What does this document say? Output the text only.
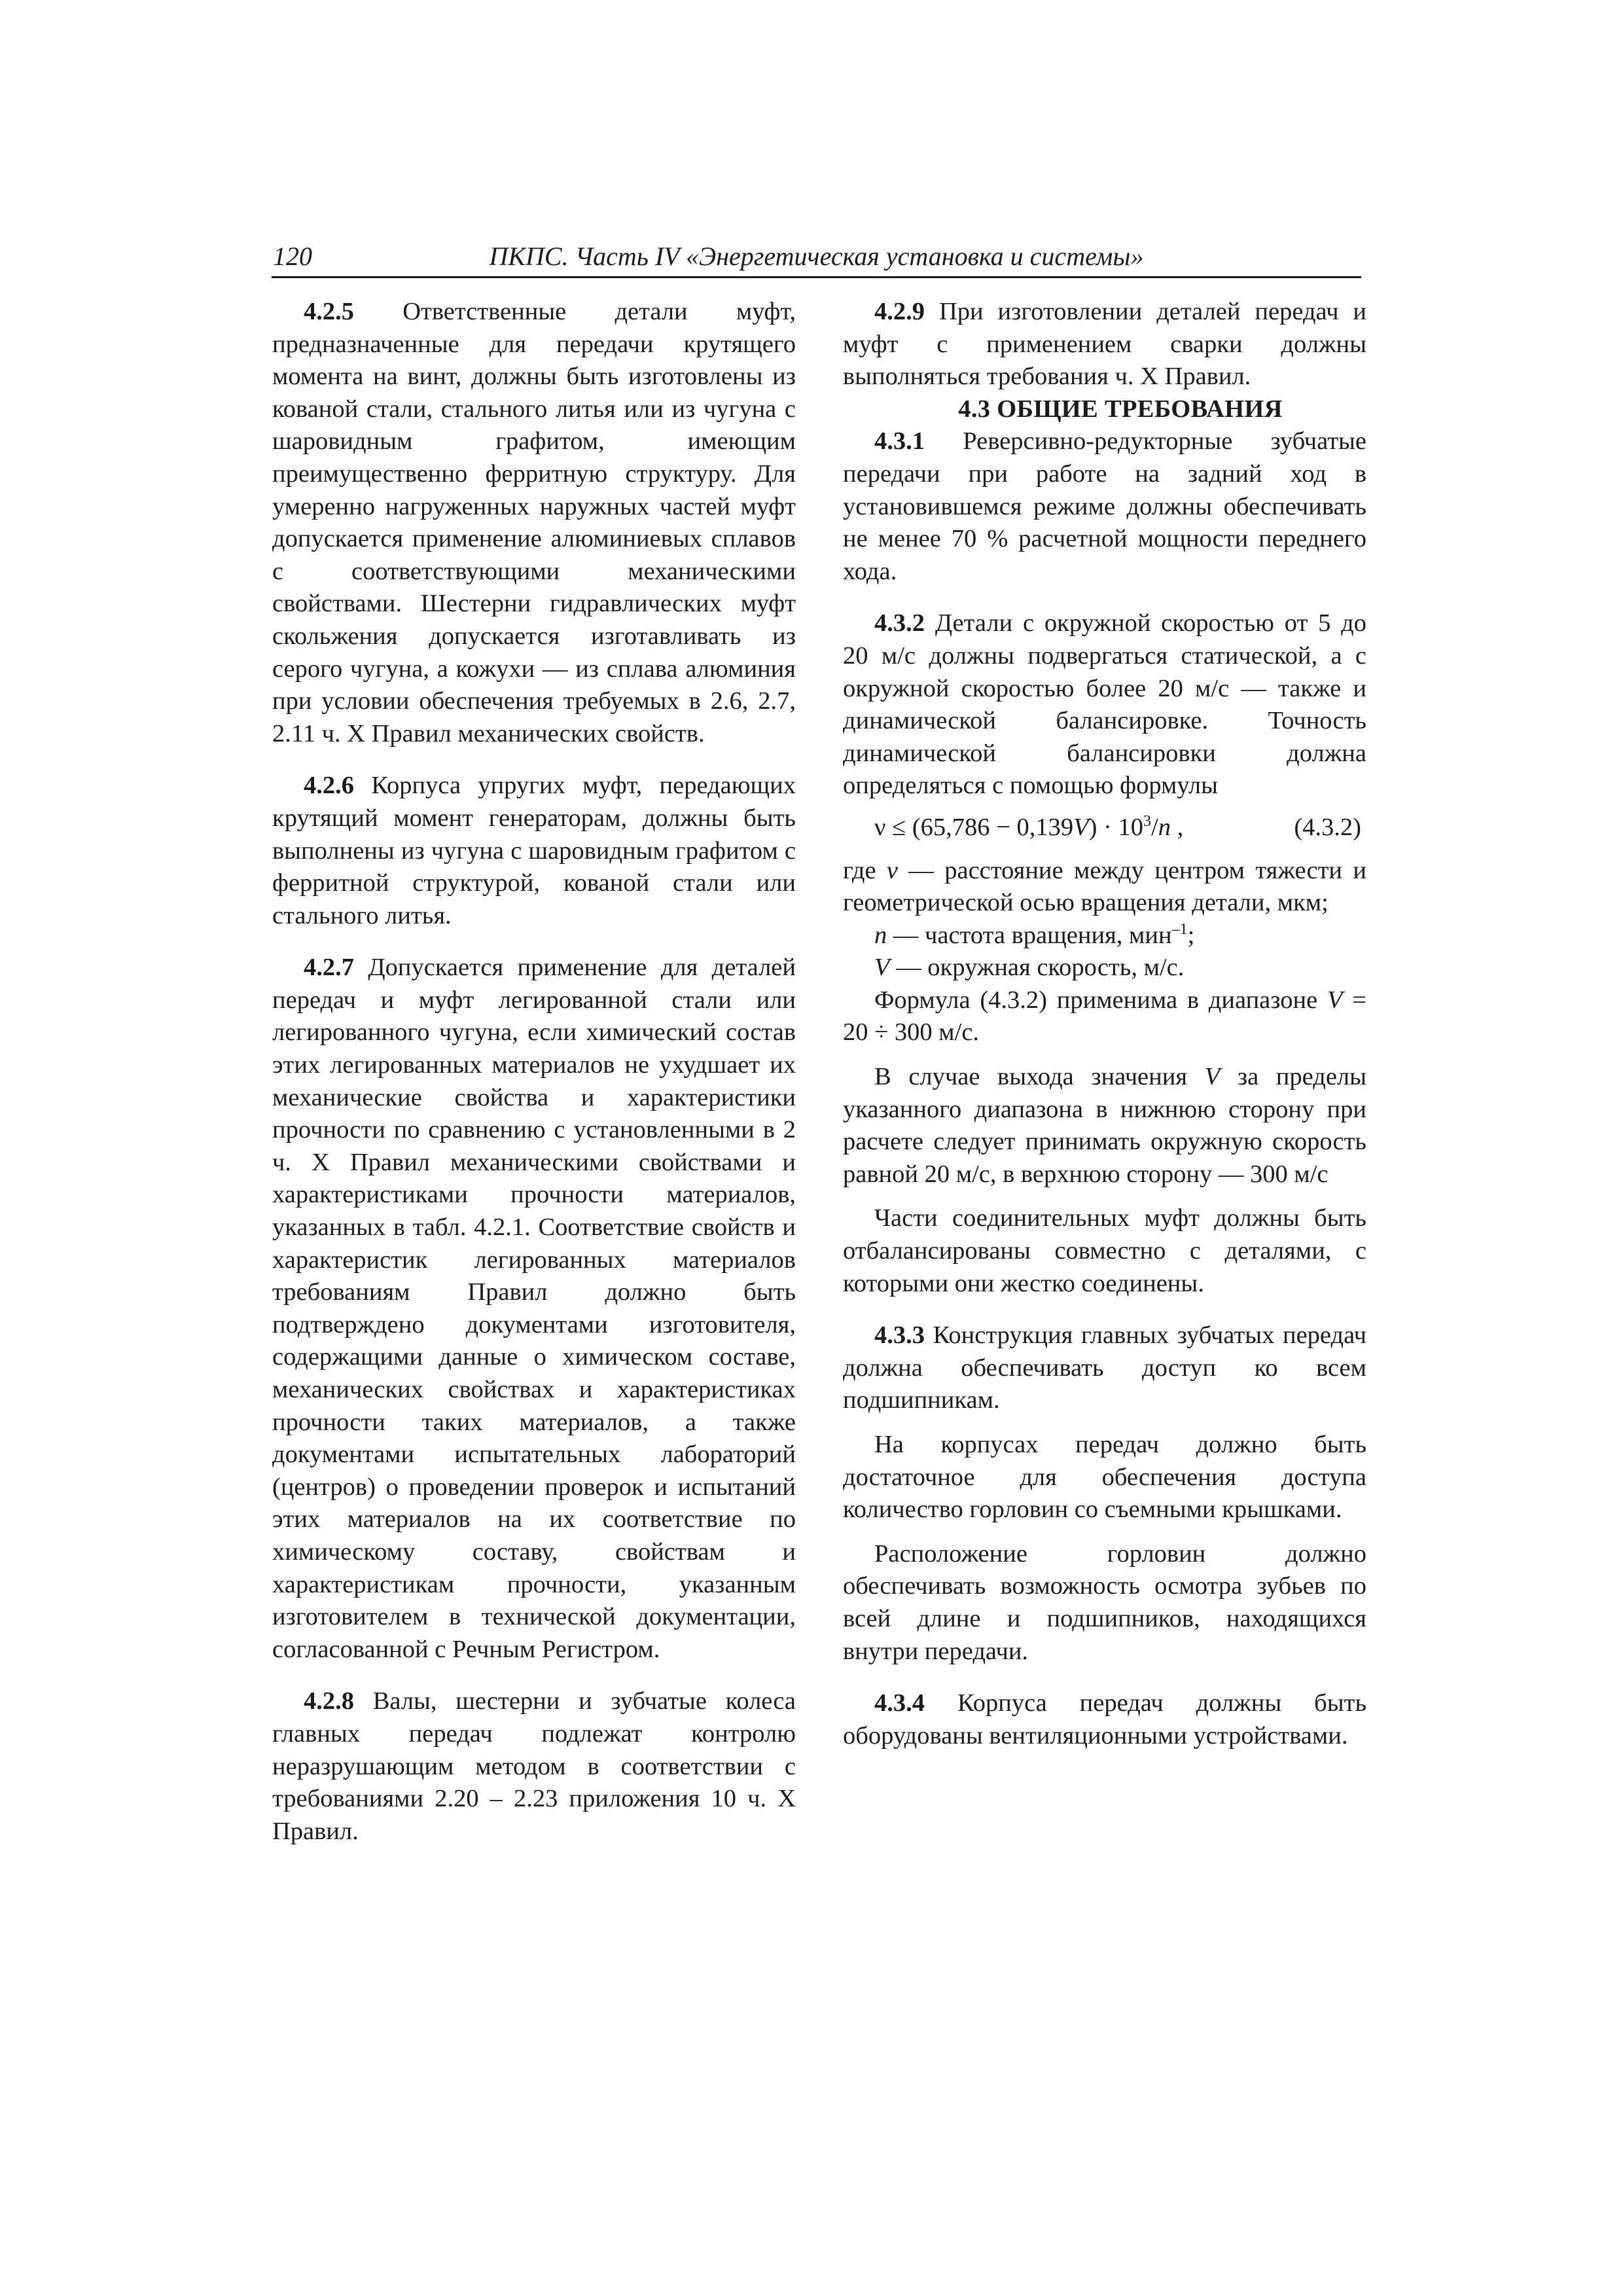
120	ПКПС. Часть IV «Энергетическая установка и системы»

4.2.5 Ответственные детали муфт, предназначенные для передачи крутящего момента на винт, должны быть изготовлены из кованой стали, стального литья или из чугуна с шаровидным графитом, имеющим преимущественно ферритную структуру. Для умеренно нагруженных наружных частей муфт допускается применение алюминиевых сплавов с соответствующими механическими свойствами. Шестерни гидравлических муфт скольжения допускается изготавливать из серого чугуна, а кожухи — из сплава алюминия при условии обеспечения требуемых в 2.6, 2.7, 2.11 ч. X Правил механических свойств.

4.2.6 Корпуса упругих муфт, передающих крутящий момент генераторам, должны быть выполнены из чугуна с шаровидным графитом с ферритной структурой, кованой стали или стального литья.

4.2.7 Допускается применение для деталей передач и муфт легированной стали или легированного чугуна, если химический состав этих легированных материалов не ухудшает их механические свойства и характеристики прочности по сравнению с установленными в 2 ч. X Правил механическими свойствами и характеристиками прочности материалов, указанных в табл. 4.2.1. Соответствие свойств и характеристик легированных материалов требованиям Правил должно быть подтверждено документами изготовителя, содержащими данные о химическом составе, механических свойствах и характеристиках прочности таких материалов, а также документами испытательных лабораторий (центров) о проведении проверок и испытаний этих материалов на их соответствие по химическому составу, свойствам и характеристикам прочности, указанным изготовителем в технической документации, согласованной с Речным Регистром.

4.2.8 Валы, шестерни и зубчатые колеса главных передач подлежат контролю неразрушающим методом в соответствии с требованиями 2.20 – 2.23 приложения 10 ч. X Правил.

4.2.9 При изготовлении деталей передач и муфт с применением сварки должны выполняться требования ч. X Правил.

4.3 ОБЩИЕ ТРЕБОВАНИЯ

4.3.1 Реверсивно-редукторные зубчатые передачи при работе на задний ход в установившемся режиме должны обеспечивать не менее 70 % расчетной мощности переднего хода.

4.3.2 Детали с окружной скоростью от 5 до 20 м/с должны подвергаться статической, а с окружной скоростью более 20 м/с — также и динамической балансировке. Точность динамической балансировки должна определяться с помощью формулы

$\nu \le (65,786 - 0,139V) \cdot 10^3/n$ ,	(4.3.2)

где ν — расстояние между центром тяжести и геометрической осью вращения детали, мкм;

n — частота вращения, мин$^{-1}$;

V — окружная скорость, м/с.

Формула (4.3.2) применима в диапазоне V = 20 ÷ 300 м/с.

В случае выхода значения V за пределы указанного диапазона в нижнюю сторону при расчете следует принимать окружную скорость равной 20 м/с, в верхнюю сторону — 300 м/с

Части соединительных муфт должны быть отбалансированы совместно с деталями, с которыми они жестко соединены.

4.3.3 Конструкция главных зубчатых передач должна обеспечивать доступ ко всем подшипникам.

На корпусах передач должно быть достаточное для обеспечения доступа количество горловин со съемными крышками.

Расположение горловин должно обеспечивать возможность осмотра зубьев по всей длине и подшипников, находящихся внутри передачи.

4.3.4 Корпуса передач должны быть оборудованы вентиляционными устройствами.
